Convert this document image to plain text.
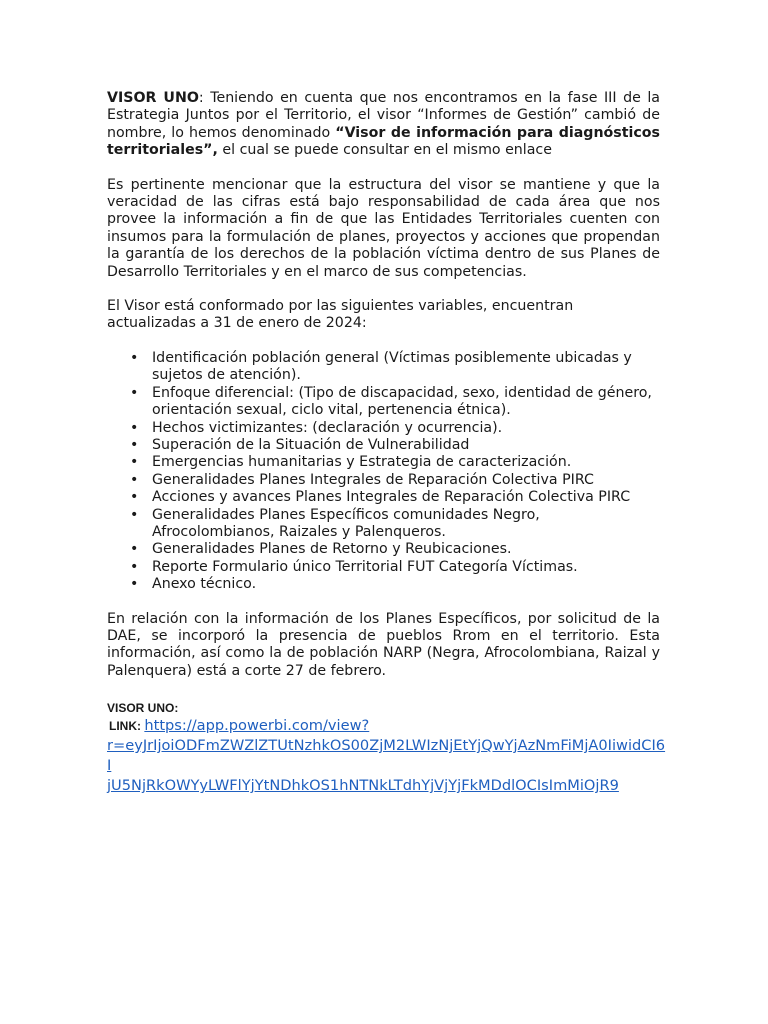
VISOR UNO: Teniendo en cuenta que nos encontramos en la fase III de la Estrategia Juntos por el Territorio, el visor “Informes de Gestión” cambió de nombre, lo hemos denominado “Visor de información para diagnósticos territoriales”, el cual se puede consultar en el mismo enlace

Es pertinente mencionar que la estructura del visor se mantiene y que la veracidad de las cifras está bajo responsabilidad de cada área que nos provee la información a fin de que las Entidades Territoriales cuenten con insumos para la formulación de planes, proyectos y acciones que propendan la garantía de los derechos de la población víctima dentro de sus Planes de Desarrollo Territoriales y en el marco de sus competencias.

El Visor está conformado por las siguientes variables, encuentran actualizadas a 31 de enero de 2024:

• Identificación población general (Víctimas posiblemente ubicadas y sujetos de atención).
• Enfoque diferencial: (Tipo de discapacidad, sexo, identidad de género, orientación sexual, ciclo vital, pertenencia étnica).
• Hechos victimizantes: (declaración y ocurrencia).
• Superación de la Situación de Vulnerabilidad
• Emergencias humanitarias y Estrategia de caracterización.
• Generalidades Planes Integrales de Reparación Colectiva PIRC
• Acciones y avances Planes Integrales de Reparación Colectiva PIRC
• Generalidades Planes Específicos comunidades Negro, Afrocolombianos, Raizales y Palenqueros.
• Generalidades Planes de Retorno y Reubicaciones.
• Reporte Formulario único Territorial FUT Categoría Víctimas.
• Anexo técnico.

En relación con la información de los Planes Específicos, por solicitud de la DAE, se incorporó la presencia de pueblos Rrom en el territorio. Esta información, así como la de población NARP (Negra, Afrocolombiana, Raizal y Palenquera) está a corte 27 de febrero.

VISOR UNO:
LINK: https://app.powerbi.com/view?
r=eyJrIjoiODFmZWZlZTUtNzhkOS00ZjM2LWIzNjEtYjQwYjAzNmFiMjA0IiwidCI6I
jU5NjRkOWYyLWFlYjYtNDhkOS1hNTNkLTdhYjVjYjFkMDdlOCIsImMiOjR9
